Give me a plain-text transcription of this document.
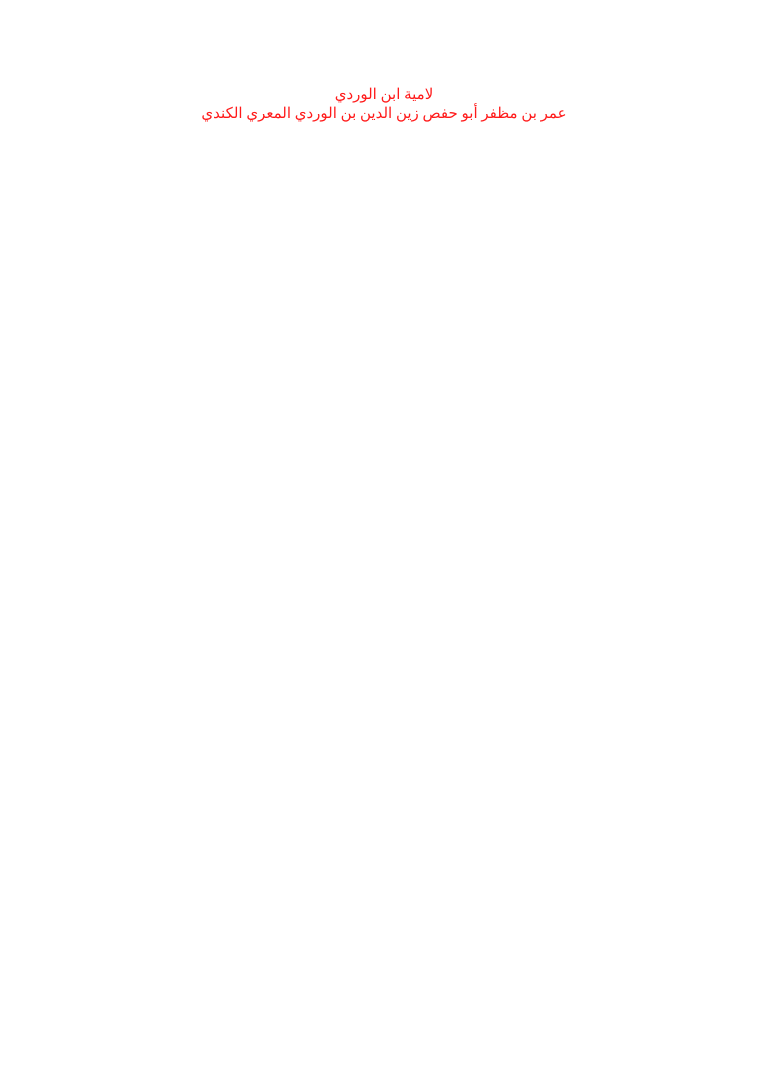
لامية ابن الوردي
عمر بن مظفر أبو حفص زين الدين بن الوردي المعري الكندي
